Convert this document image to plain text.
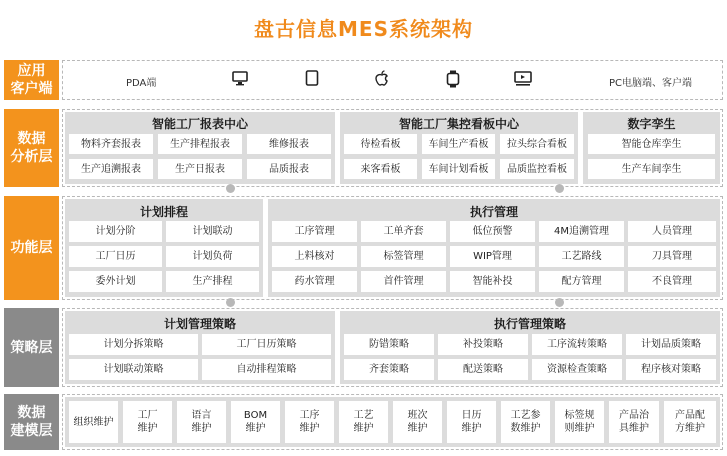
盘古信息MES系统架构
应用
客户端	PDA端	PC电脑端、客户端
数据
分析层
智能工厂报表中心
物料齐套报表	生产排程报表	维修报表
生产追溯报表	生产日报表	品质报表
智能工厂集控看板中心
待检看板	车间生产看板	拉头综合看板
来客看板	车间计划看板	品质监控看板
数字孪生
智能仓库孪生
生产车间孪生
功能层
计划排程
计划分阶	计划联动
工厂日历	计划负荷
委外计划	生产排程
执行管理
工序管理	工单齐套	低位预警	4M追溯管理	人员管理
上料核对	标签管理	WIP管理	工艺路线	刀具管理
药水管理	首件管理	智能补投	配方管理	不良管理
策略层
计划管理策略
计划分拆策略	工厂日历策略
计划联动策略	自动排程策略
执行管理策略
防错策略	补投策略	工序流转策略	计划品质策略
齐套策略	配送策略	资源检查策略	程序核对策略
数据
建模层
组织维护
工厂
维护
语言
维护
BOM
维护
工序
维护
工艺
维护
班次
维护
日历
维护
工艺参
数维护
标签规
则维护
产品治
具维护
产品配
方维护
